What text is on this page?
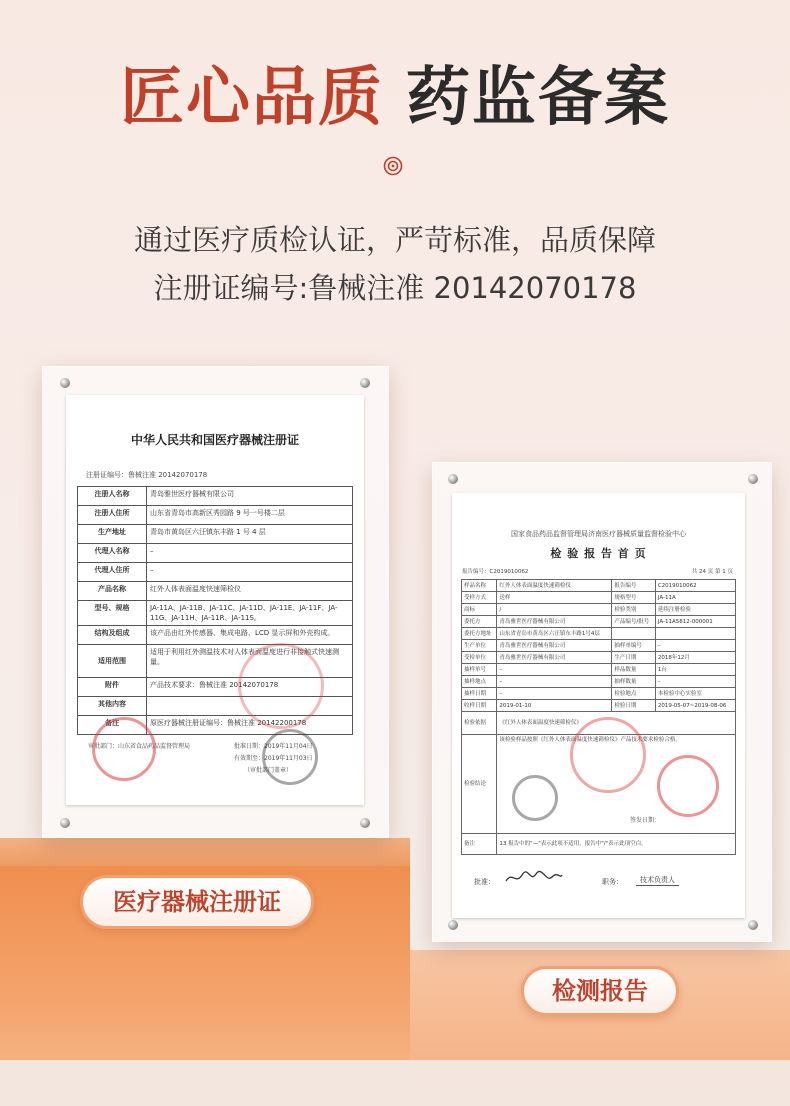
匠心品质 药监备案
通过医疗质检认证，严苛标准，品质保障
注册证编号:鲁械注准 20142070178
中华人民共和国医疗器械注册证
注册证编号：鲁械注准 20142070178
注册人名称	青岛雅世医疗器械有限公司
注册人住所	山东省青岛市高新区秀园路 9 号一号楼二层
生产地址	青岛市黄岛区六汪镇东丰路 1 号 4 层
代理人名称	–
代理人住所	–
产品名称	红外人体表面温度快速筛检仪
型号、规格	JA-11A、JA-11B、JA-11C、JA-11D、JA-11E、JA-11F、JA-11G、JA-11H、JA-11R、JA-11S。
结构及组成	该产品由红外传感器、集成电路、LCD 显示屏和外壳构成。
适用范围	适用于利用红外测温技术对人体表面温度进行非接触式快速测量。
附件	产品技术要求：鲁械注准 20142070178
其他内容	
备注	原医疗器械注册证编号：鲁械注准 20142200178
审批部门：山东省食品药品监督管理局	批准日期：2019年11月04日
有效期至：2019年11月03日
（审批部门盖章）
国家食品药品监督管理局济南医疗器械质量监督检验中心
检 验 报 告 首 页
报告编号：C2019010062	共 24 页 第 1 页
样品名称	红外人体表面温度快速筛检仪	报告编号	C2019010062
受样方式	送样	规格型号	JA-11A
商标	/	检验类别	延续注册检验
委托方	青岛雅世医疗器械有限公司	产品编号/批号	JA-11A5812-000001
委托方地址	山东省青岛市黄岛区六汪镇东丰路1号4层		
生产单位	青岛雅世医疗器械有限公司	抽样单编号	–
受检单位	青岛雅世医疗器械有限公司	生产日期	2018年12月
抽样单号	–	样品数量	1台
抽样地点	–	抽样数量	–
抽样日期	–	检验地点	本检验中心实验室
收样日期	2019-01-10	检验日期	2019-05-07~2019-08-06
检验依据	《红外人体表面温度快速筛检仪》		
检验结论	该检验样品按照《红外人体表面温度快速筛检仪》产品技术要求检验合格。		
备注	13 报告中的"—"表示此项不适用，报告中"/"表示此项空白。		
签发日期：
批准：	职务：	技术负责人
医疗器械注册证
检测报告
